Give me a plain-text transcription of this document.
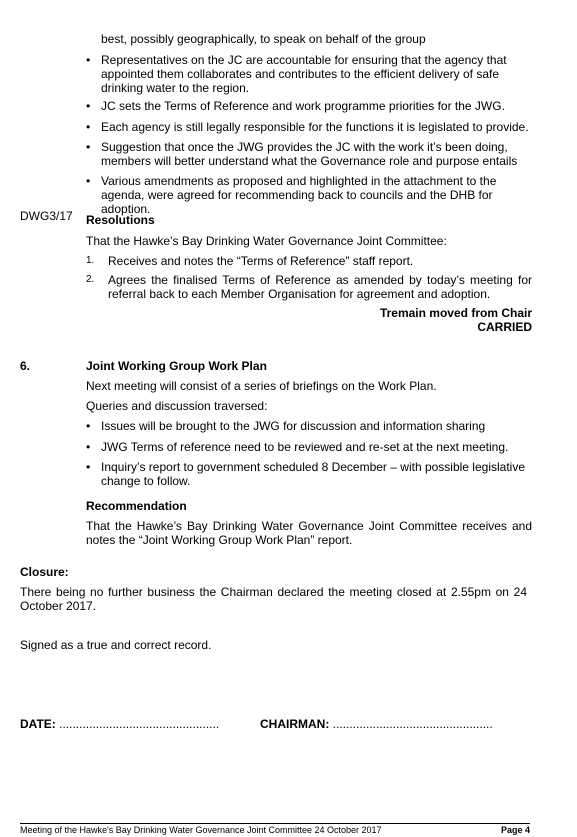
best, possibly geographically, to speak on behalf of the group
• Representatives on the JC are accountable for ensuring that the agency that appointed them collaborates and contributes to the efficient delivery of safe drinking water to the region.
• JC sets the Terms of Reference and work programme priorities for the JWG.
• Each agency is still legally responsible for the functions it is legislated to provide.
• Suggestion that once the JWG provides the JC with the work it’s been doing, members will better understand what the Governance role and purpose entails
• Various amendments as proposed and highlighted in the attachment to the agenda, were agreed for recommending back to councils and the DHB for adoption.
DWG3/17 Resolutions
That the Hawke’s Bay Drinking Water Governance Joint Committee:
1. Receives and notes the “Terms of Reference” staff report.
2. Agrees the finalised Terms of Reference as amended by today’s meeting for referral back to each Member Organisation for agreement and adoption.
Tremain moved from Chair
CARRIED
6.	Joint Working Group Work Plan
Next meeting will consist of a series of briefings on the Work Plan.
Queries and discussion traversed:
• Issues will be brought to the JWG for discussion and information sharing
• JWG Terms of reference need to be reviewed and re-set at the next meeting.
• Inquiry’s report to government scheduled 8 December – with possible legislative change to follow.
Recommendation
That the Hawke’s Bay Drinking Water Governance Joint Committee receives and notes the “Joint Working Group Work Plan” report.
Closure:
There being no further business the Chairman declared the meeting closed at 2.55pm on 24 October 2017.
Signed as a true and correct record.
DATE: ................................................	CHAIRMAN: ................................................
Meeting of the Hawke's Bay Drinking Water Governance Joint Committee 24 October 2017	Page 4
